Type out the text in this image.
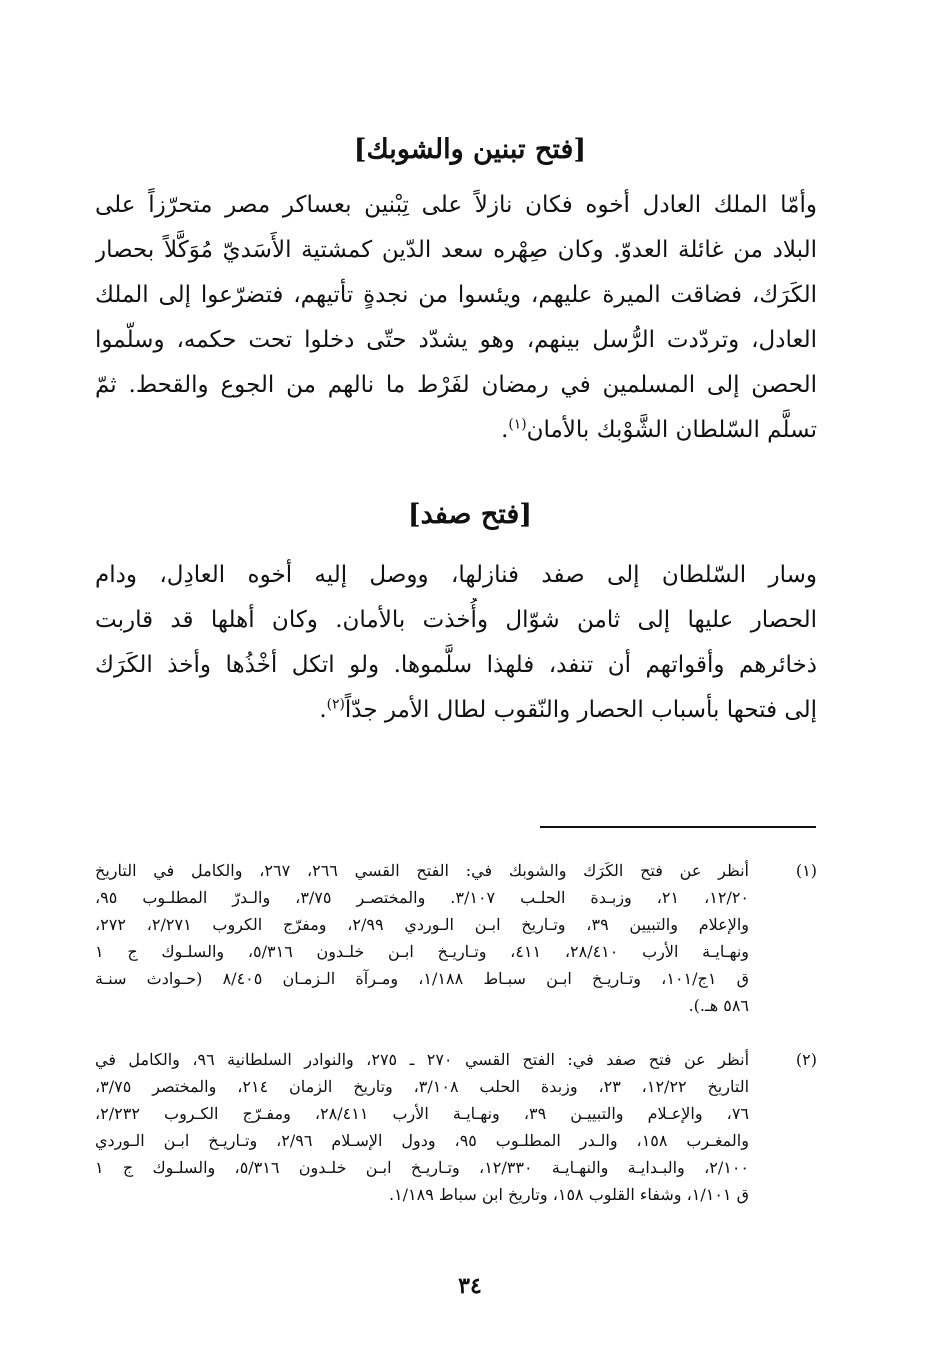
[فتح تبنين والشوبك]
وأمّا الملك العادل أخوه فكان نازلاً على تِبْنين بعساكر مصر متحرّزاً على
البلاد من غائلة العدوّ. وكان صِهْره سعد الدّين كمشتية الأَسَديّ مُوَكَّلاً بحصار
الكَرَك، فضاقت الميرة عليهم، ويئسوا من نجدةٍ تأتيهم، فتضرّعوا إلى الملك
العادل، وتردّدت الرُّسل بينهم، وهو يشدّد حتّى دخلوا تحت حكمه، وسلّموا
الحصن إلى المسلمين في رمضان لفَرْط ما نالهم من الجوع والقحط. ثمّ
تسلَّم السّلطان الشَّوْبك بالأمان$^{(١)}$.
[فتح صفد]
وسار السّلطان إلى صفد فنازلها، ووصل إليه أخوه العادِل، ودام
الحصار عليها إلى ثامن شوّال وأُخذت بالأمان. وكان أهلها قد قاربت
ذخائرهم وأقواتهم أن تنفد، فلهذا سلَّموها. ولو اتكل أخْذُها وأخذ الكَرَك
إلى فتحها بأسباب الحصار والنّقوب لطال الأمر جدّاً$^{(٢)}$.
(١)
أنظر عن فتح الكَرَك والشوبك في: الفتح القسي ٢٦٦، ٢٦٧، والكامل في التاريخ
١٢/٢٠، ٢١، وزبـدة الحلـب ٣/١٠٧. والمختصـر ٣/٧٥، والـدرّ المطلـوب ٩٥،
والإعلام والتبيين ٣٩، وتـاريخ ابـن الـوردي ٢/٩٩، ومفرّج الكروب ٢/٢٧١، ٢٧٢،
ونهـايـة الأرب ٢٨/٤١٠، ٤١١، وتـاريـخ ابـن خلـدون ٥/٣١٦، والسلـوك ج ١
ق ١ج/١٠١، وتـاريـخ ابـن سبـاط ١/١٨٨، ومـرآة الـزمـان ٨/٤٠٥ (حـوادث سنـة
٥٨٦ هـ.).
(٢)
أنظر عن فتح صفد في: الفتح القسي ٢٧٠ ـ ٢٧٥، والنوادر السلطانية ٩٦، والكامل في
التاريخ ١٢/٢٢، ٢٣، وزبدة الحلب ٣/١٠٨، وتاريخ الزمان ٢١٤، والمختصر ٣/٧٥،
٧٦، والإعـلام والتبييـن ٣٩، ونهـايـة الأرب ٢٨/٤١١، ومفـرّج الكـروب ٢/٢٣٢،
والمغـرب ١٥٨، والـدر المطلـوب ٩٥، ودول الإسـلام ٢/٩٦، وتـاريـخ ابـن الـوردي
٢/١٠٠، والبـدايـة والنهـايـة ١٢/٣٣٠، وتـاريـخ ابـن خلـدون ٥/٣١٦، والسلـوك ج ١
ق ١/١٠١، وشفاء القلوب ١٥٨، وتاريخ ابن سباط ١/١٨٩.
٣٤
